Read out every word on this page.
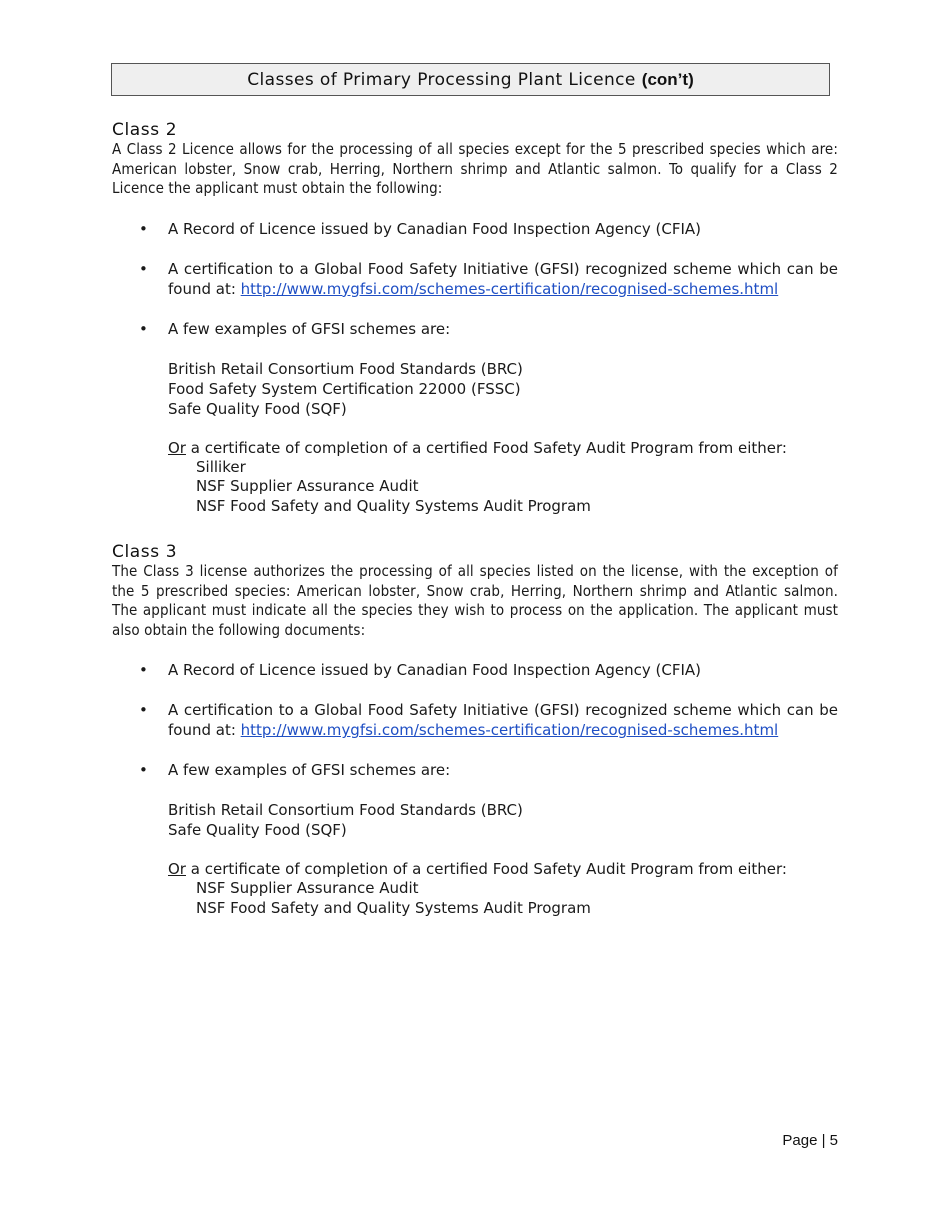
Classes of Primary Processing Plant Licence (con’t)

Class 2

A Class 2 Licence allows for the processing of all species except for the 5 prescribed species which are: American lobster, Snow crab, Herring, Northern shrimp and Atlantic salmon. To qualify for a Class 2 Licence the applicant must obtain the following:

• A Record of Licence issued by Canadian Food Inspection Agency (CFIA)
• A certification to a Global Food Safety Initiative (GFSI) recognized scheme which can be found at: http://www.mygfsi.com/schemes-certification/recognised-schemes.html
• A few examples of GFSI schemes are:
British Retail Consortium Food Standards (BRC)
Food Safety System Certification 22000 (FSSC)
Safe Quality Food (SQF)
Or a certificate of completion of a certified Food Safety Audit Program from either:
Silliker
NSF Supplier Assurance Audit
NSF Food Safety and Quality Systems Audit Program

Class 3

The Class 3 license authorizes the processing of all species listed on the license, with the exception of the 5 prescribed species: American lobster, Snow crab, Herring, Northern shrimp and Atlantic salmon. The applicant must indicate all the species they wish to process on the application. The applicant must also obtain the following documents:

• A Record of Licence issued by Canadian Food Inspection Agency (CFIA)
• A certification to a Global Food Safety Initiative (GFSI) recognized scheme which can be found at: http://www.mygfsi.com/schemes-certification/recognised-schemes.html
• A few examples of GFSI schemes are:
British Retail Consortium Food Standards (BRC)
Safe Quality Food (SQF)
Or a certificate of completion of a certified Food Safety Audit Program from either:
NSF Supplier Assurance Audit
NSF Food Safety and Quality Systems Audit Program
Page | 5
